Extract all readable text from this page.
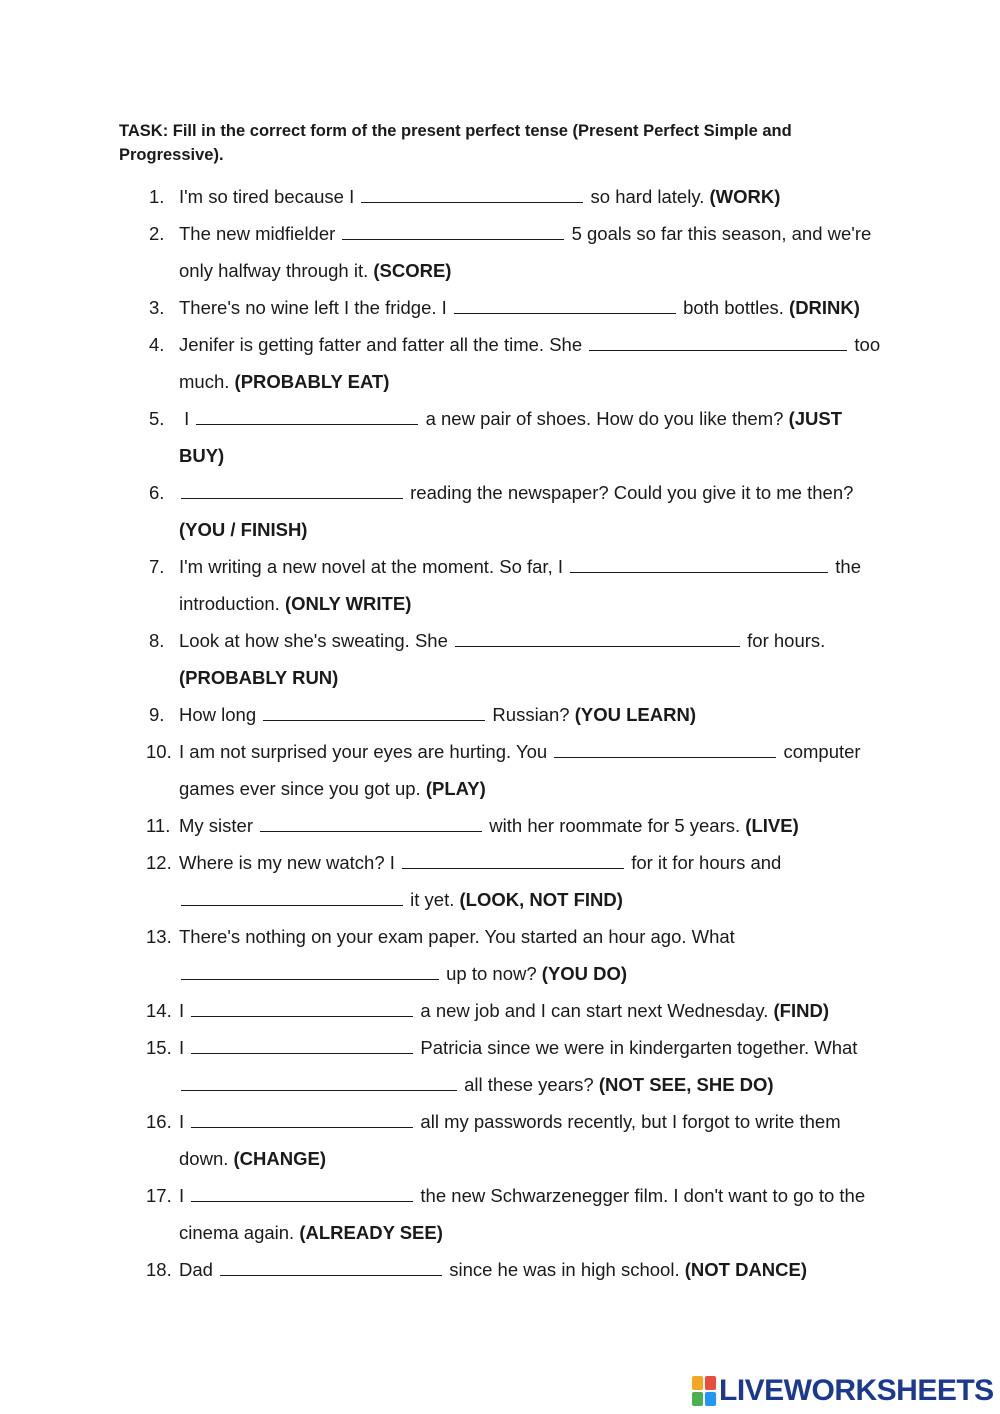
TASK: Fill in the correct form of the present perfect tense (Present Perfect Simple and Progressive).
1. I'm so tired because I	so hard lately. (WORK)
2. The new midfielder	5 goals so far this season, and we're only halfway through it. (SCORE)
3. There's no wine left I the fridge. I	both bottles. (DRINK)
4. Jenifer is getting fatter and fatter all the time. She	too much. (PROBABLY EAT)
5. I	a new pair of shoes. How do you like them? (JUST BUY)
6.	reading the newspaper? Could you give it to me then? (YOU / FINISH)
7. I'm writing a new novel at the moment. So far, I	the introduction. (ONLY WRITE)
8. Look at how she's sweating. She	for hours. (PROBABLY RUN)
9. How long	Russian? (YOU LEARN)
10. I am not surprised your eyes are hurting. You	computer games ever since you got up. (PLAY)
11. My sister	with her roommate for 5 years. (LIVE)
12. Where is my new watch? I	for it for hours and  it yet. (LOOK, NOT FIND)
13. There's nothing on your exam paper. You started an hour ago. What  up to now? (YOU DO)
14. I	a new job and I can start next Wednesday. (FIND)
15. I	Patricia since we were in kindergarten together. What  all these years? (NOT SEE, SHE DO)
16. I	all my passwords recently, but I forgot to write them down. (CHANGE)
17. I	the new Schwarzenegger film. I don't want to go to the cinema again. (ALREADY SEE)
18. Dad	since he was in high school. (NOT DANCE)
LIVEWORKSHEETS
